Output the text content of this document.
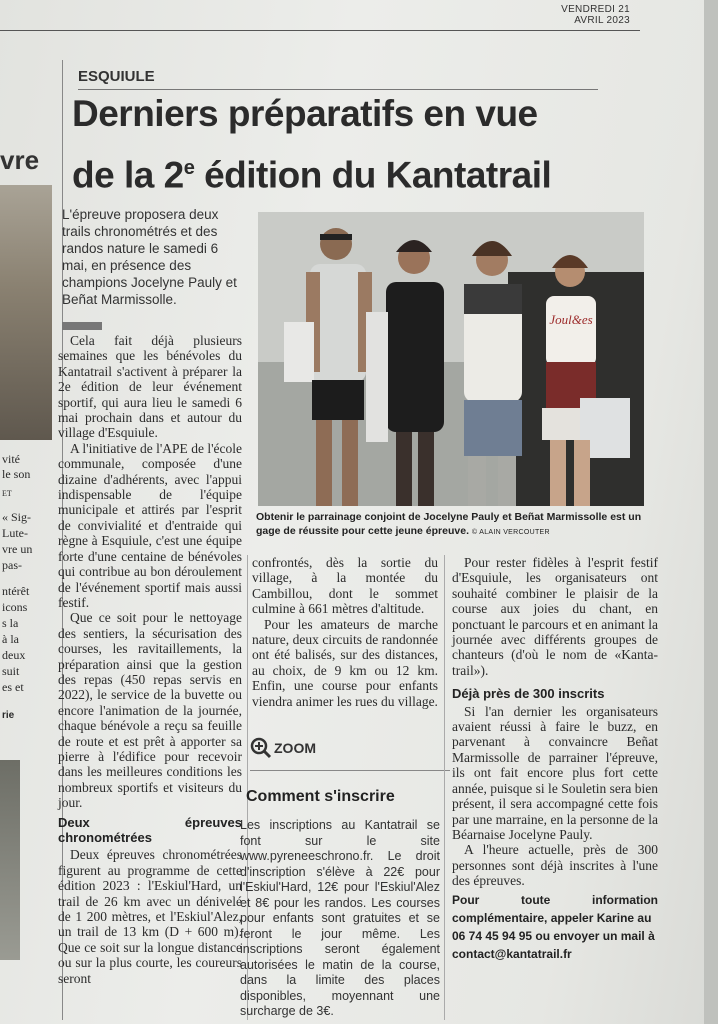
VENDREDI 21
AVRIL 2023
vre
vité
le son
ET
« Sig-
Lute-
vre un
pas-
ntérêt
icons
s la
à la
deux
suit
es et
rie
ESQUIULE
Derniers préparatifs en vue
de la 2e édition du Kantatrail
L'épreuve proposera deux trails chronométrés et des randos nature le samedi 6 mai, en présence des champions Jocelyne Pauly et Beñat Marmissolle.
Joul&es
Obtenir le parrainage conjoint de Jocelyne Pauly et Beñat Marmissolle est un gage de réussite pour cette jeune épreuve. © ALAIN VERCOUTER

Cela fait déjà plusieurs semaines que les bénévoles du Kantatrail s'activent à préparer la 2e édition de leur événement sportif, qui aura lieu le samedi 6 mai prochain dans et autour du village d'Esquiule.

A l'initiative de l'APE de l'école communale, composée d'une dizaine d'adhérents, avec l'appui indispensable de l'équipe municipale et attirés par l'esprit de convivialité et d'entraide qui règne à Esquiule, c'est une équipe forte d'une centaine de bénévoles qui contribue au bon déroulement de l'événement sportif mais aussi festif.

Que ce soit pour le nettoyage des sentiers, la sécurisation des courses, les ravitaillements, la préparation ainsi que la gestion des repas (450 repas servis en 2022), le service de la buvette ou encore l'animation de la journée, chaque bénévole a reçu sa feuille de route et est prêt à apporter sa pierre à l'édifice pour recevoir dans les meilleures conditions les nombreux sportifs et visiteurs du jour.

Deux épreuves chronométrées

Deux épreuves chronométrées figurent au programme de cette édition 2023 : l'Eskiul'Hard, un trail de 26 km avec un dénivelé de 1 200 mètres, et l'Eskiul'Alez, un trail de 13 km (D + 600 m). Que ce soit sur la longue distance ou sur la plus courte, les coureurs seront

confrontés, dès la sortie du village, à la montée du Cambillou, dont le sommet culmine à 661 mètres d'altitude.

Pour les amateurs de marche nature, deux circuits de randonnée ont été balisés, sur des distances, au choix, de 9 km ou 12 km. Enfin, une course pour enfants viendra animer les rues du village.

ZOOM
Comment s'inscrire
Les inscriptions au Kantatrail se font sur le site www.pyreneeschrono.fr. Le droit d'inscription s'élève à 22€ pour l'Eskiul'Hard, 12€ pour l'Eskiul'Alez et 8€ pour les randos. Les courses pour enfants sont gratuites et se feront le jour même. Les inscriptions seront également autorisées le matin de la course, dans la limite des places disponibles, moyennant une surcharge de 3€.

Pour rester fidèles à l'esprit festif d'Esquiule, les organisateurs ont souhaité combiner le plaisir de la course aux joies du chant, en ponctuant le parcours et en animant la journée avec différents groupes de chanteurs (d'où le nom de «Kanta-trail»).

Déjà près de 300 inscrits

Si l'an dernier les organisateurs avaient réussi à faire le buzz, en parvenant à convaincre Beñat Marmissolle de parrainer l'épreuve, ils ont fait encore plus fort cette année, puisque si le Souletin sera bien présent, il sera accompagné cette fois par une marraine, en la personne de la Béarnaise Jocelyne Pauly.

A l'heure actuelle, près de 300 personnes sont déjà inscrites à l'une des épreuves.

Pour toute information complémentaire, appeler Karine au
06 74 45 94 95 ou envoyer un mail à
contact@kantatrail.fr
